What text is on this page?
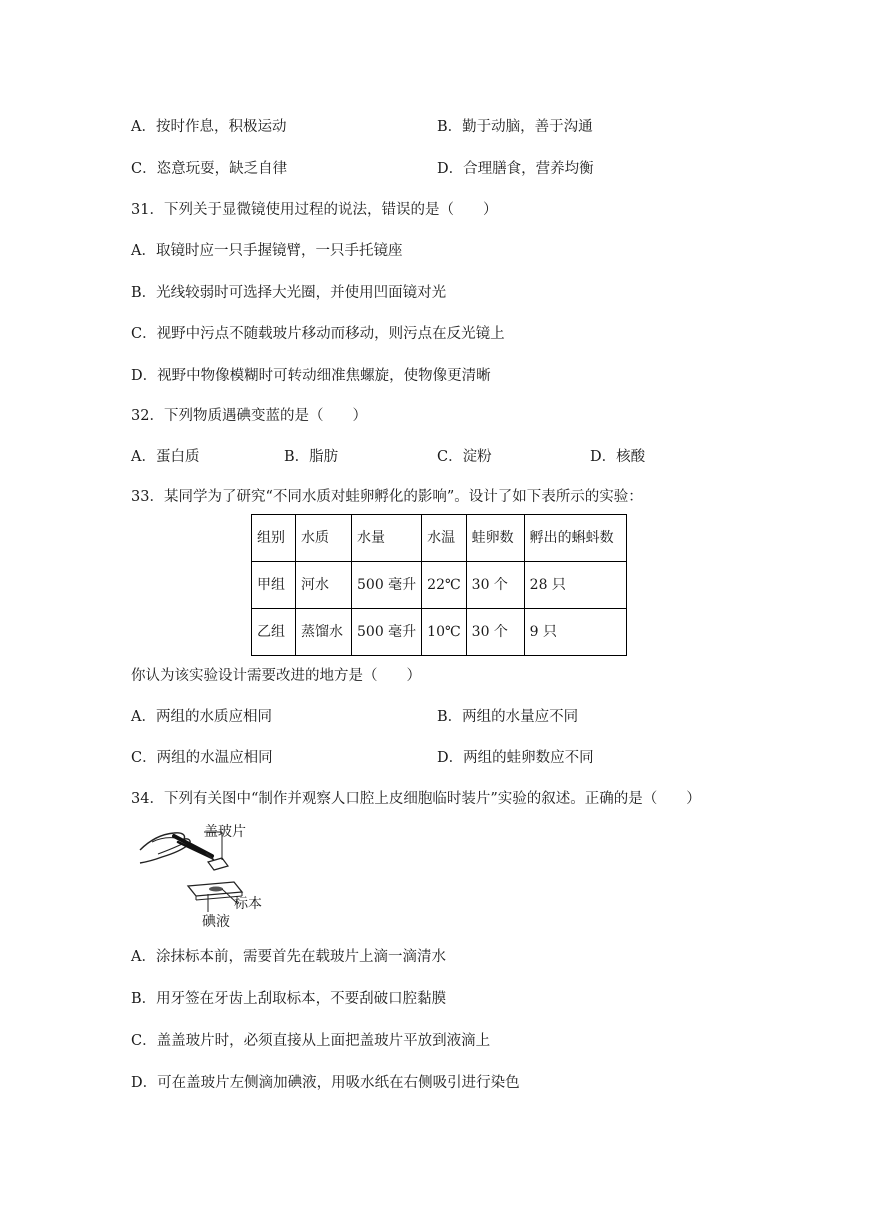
A．按时作息，积极运动	B．勤于动脑，善于沟通
C．恣意玩耍，缺乏自律	D．合理膳食，营养均衡
31．下列关于显微镜使用过程的说法，错误的是（　　）
A．取镜时应一只手握镜臂，一只手托镜座
B．光线较弱时可选择大光圈，并使用凹面镜对光
C．视野中污点不随载玻片移动而移动，则污点在反光镜上
D．视野中物像模糊时可转动细准焦螺旋，使物像更清晰
32．下列物质遇碘变蓝的是（　　）
A．蛋白质	B．脂肪	C．淀粉	D．核酸
33．某同学为了研究“不同水质对蛙卵孵化的影响”。设计了如下表所示的实验：
组别	水质	水量	水温	蛙卵数	孵出的蝌蚪数
甲组	河水	500 毫升	22℃	30 个	28 只
乙组	蒸馏水	500 毫升	10℃	30 个	9 只
你认为该实验设计需要改进的地方是（　　）
A．两组的水质应相同	B．两组的水量应不同
C．两组的水温应相同	D．两组的蛙卵数应不同
34．下列有关图中“制作并观察人口腔上皮细胞临时装片”实验的叙述。正确的是（　　）
盖玻片
标本
碘液
A．涂抹标本前，需要首先在载玻片上滴一滴清水
B．用牙签在牙齿上刮取标本，不要刮破口腔黏膜
C．盖盖玻片时，必须直接从上面把盖玻片平放到液滴上
D．可在盖玻片左侧滴加碘液，用吸水纸在右侧吸引进行染色
